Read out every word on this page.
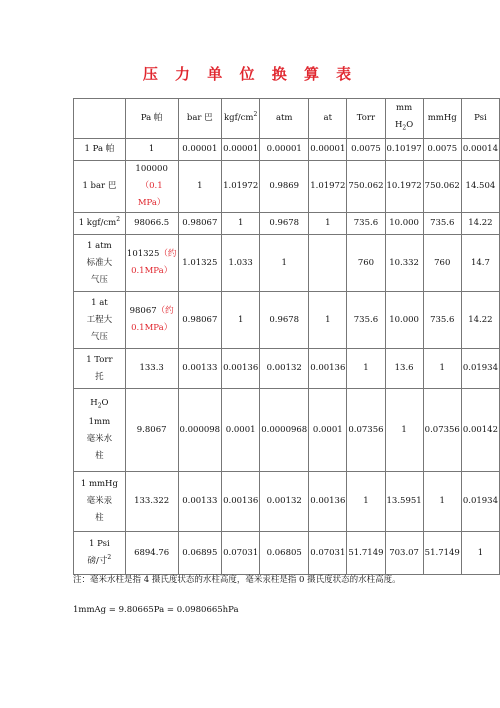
压 力 单 位 换 算 表
	Pa 帕	bar 巴	kgf/$cm^2$	atm	at	Torr	mm
$H_2O$	mmHg	Psi
1 Pa 帕	1	0.00001	0.00001	0.00001	0.00001	0.0075	0.10197	0.0075	0.00014
1 bar 巴	100000（0.1
MPa）	1	1.01972	0.9869	1.01972	750.062	10.1972	750.062	14.504
1 kgf/$cm^2$	98066.5	0.98067	1	0.9678	1	735.6	10.000	735.6	14.22
1 atm
标准大
气压	101325（约
0.1MPa）	1.01325	1.033	1		760	10.332	760	14.7
1 at
工程大
气压	98067（约
0.1MPa）	0.98067	1	0.9678	1	735.6	10.000	735.6	14.22
1 Torr
托	133.3	0.00133	0.00136	0.00132	0.00136	1	13.6	1	0.01934
$H_2O$
1mm
毫米水
柱	9.8067	0.000098	0.0001	0.0000968	0.0001	0.07356	1	0.07356	0.00142
1 mmHg
毫米汞
柱	133.322	0.00133	0.00136	0.00132	0.00136	1	13.5951	1	0.01934
1 Psi
磅/寸$^2$	6894.76	0.06895	0.07031	0.06805	0.07031	51.7149	703.07	51.7149	1
注：毫米水柱是指 4 摄氏度状态的水柱高度，毫米汞柱是指 0 摄氏度状态的水柱高度。
1mmAg = 9.80665Pa = 0.0980665hPa
